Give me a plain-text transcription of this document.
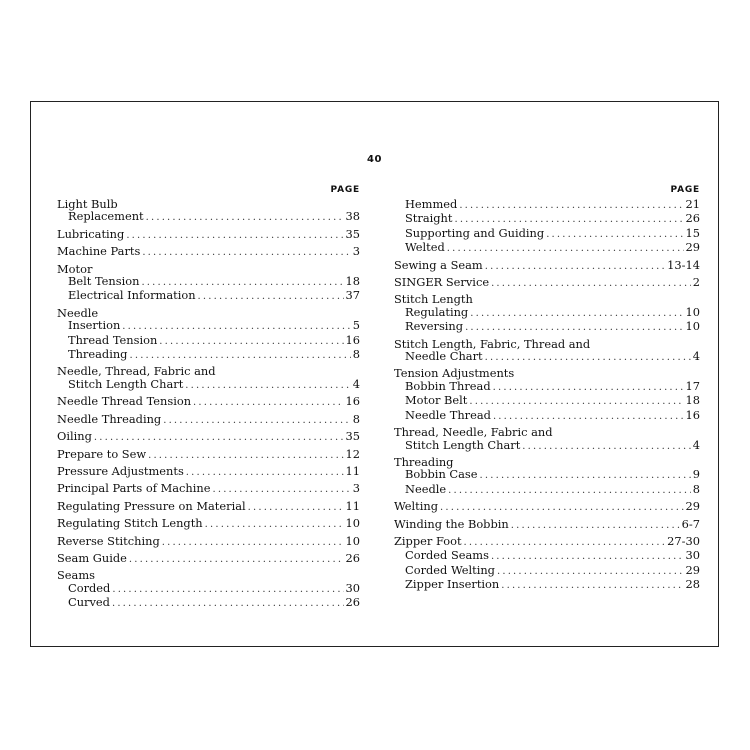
40
PAGE
Light Bulb
Replacement . . .	38
Lubricating . . .	35
Machine Parts . . .	3
Motor
Belt Tension . . .	18
Electrical Information . . .	37
Needle
Insertion . . .	5
Thread Tension . . .	16
Threading . . .	8
Needle, Thread, Fabric and
Stitch Length Chart . . .	4
Needle Thread Tension . . .	16
Needle Threading . . .	8
Oiling . . .	35
Prepare to Sew . . .	12
Pressure Adjustments . . .	11
Principal Parts of Machine . . .	3
Regulating Pressure on Material . . .	11
Regulating Stitch Length . . .	10
Reverse Stitching . . .	10
Seam Guide . . .	26
Seams
Corded . . .	30
Curved . . .	26
PAGE
Hemmed . . .	21
Straight . . .	26
Supporting and Guiding . . .	15
Welted . . .	29
Sewing a Seam . . .	13-14
SINGER Service . . .	2
Stitch Length
Regulating . . .	10
Reversing . . .	10
Stitch Length, Fabric, Thread and
Needle Chart . . .	4
Tension Adjustments
Bobbin Thread . . .	17
Motor Belt . . .	18
Needle Thread . . .	16
Thread, Needle, Fabric and
Stitch Length Chart . . .	4
Threading
Bobbin Case . . .	9
Needle . . .	8
Welting . . .	29
Winding the Bobbin . . .	6-7
Zipper Foot . . .	27-30
Corded Seams . . .	30
Corded Welting . . .	29
Zipper Insertion . . .	28
